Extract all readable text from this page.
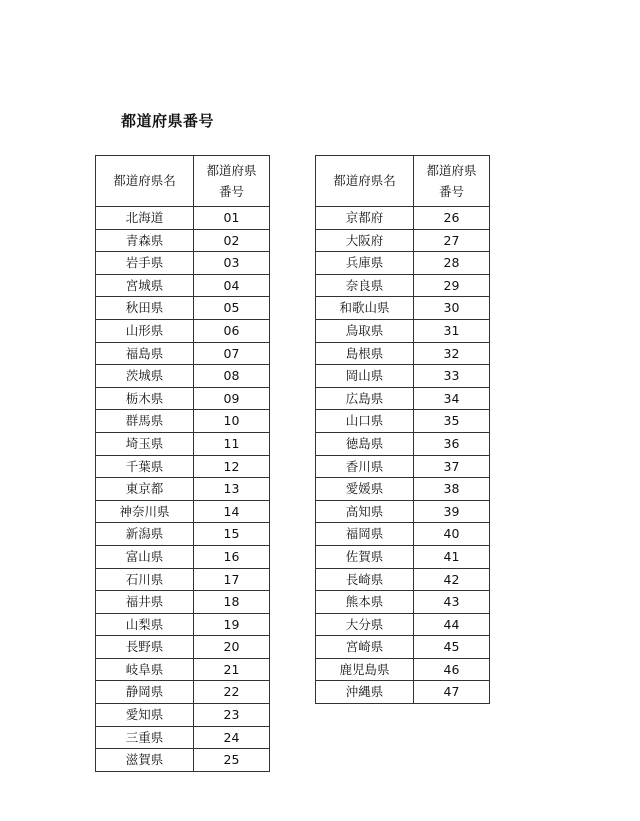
都道府県番号
都道府県名	都道府県
番号

北海道	01
青森県	02
岩手県	03
宮城県	04
秋田県	05
山形県	06
福島県	07
茨城県	08
栃木県	09
群馬県	10
埼玉県	11
千葉県	12
東京都	13
神奈川県	14
新潟県	15
富山県	16
石川県	17
福井県	18
山梨県	19
長野県	20
岐阜県	21
静岡県	22
愛知県	23
三重県	24
滋賀県	25
都道府県名	都道府県
番号

京都府	26
大阪府	27
兵庫県	28
奈良県	29
和歌山県	30
鳥取県	31
島根県	32
岡山県	33
広島県	34
山口県	35
徳島県	36
香川県	37
愛媛県	38
高知県	39
福岡県	40
佐賀県	41
長崎県	42
熊本県	43
大分県	44
宮崎県	45
鹿児島県	46
沖縄県	47
